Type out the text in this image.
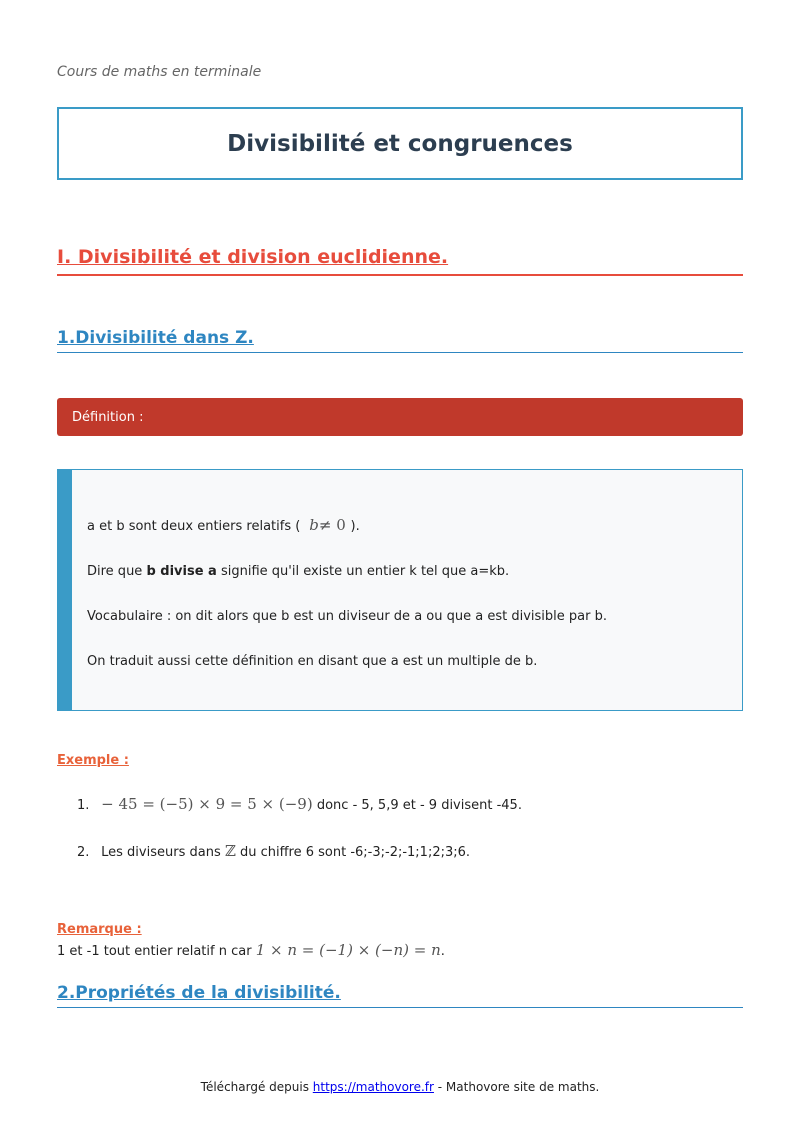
Cours de maths en terminale
Divisibilité et congruences
I. Divisibilité et division euclidienne.
1.Divisibilité dans Z.
Définition :

a et b sont deux entiers relatifs ( b≠ 0 ).

Dire que b divise a signifie qu'il existe un entier k tel que a=kb.

Vocabulaire : on dit alors que b est un diviseur de a ou que a est divisible par b.

On traduit aussi cette définition en disant que a est un multiple de b.

Exemple :
1. − 45 = (−5) × 9 = 5 × (−9) donc - 5, 5,9 et - 9 divisent -45.
2. Les diviseurs dans ℤ du chiffre 6 sont -6;-3;-2;-1;1;2;3;6.
Remarque :
1 et -1 tout entier relatif n car 1 × n = (−1) × (−n) = n.
2.Propriétés de la divisibilité.
Téléchargé depuis https://mathovore.fr - Mathovore site de maths.
